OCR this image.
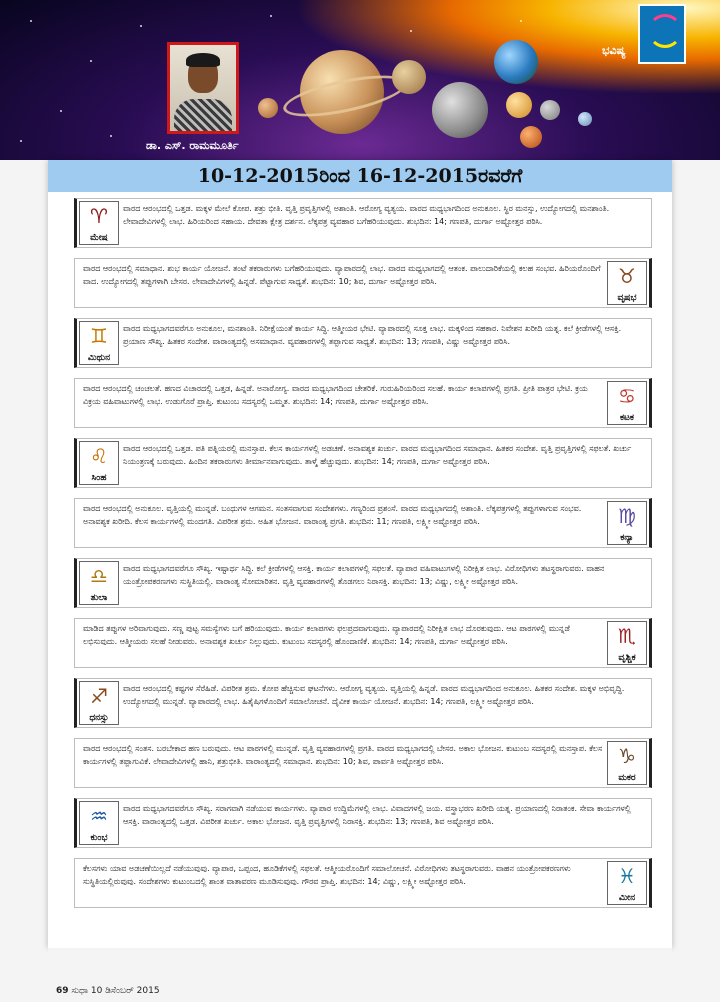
ಡಾ. ಎಸ್. ರಾಮಮೂರ್ತಿ
ಭವಿಷ್ಯ
10-12-2015ರಿಂದ 16-12-2015ರವರೆಗೆ
♈
ಮೇಷ
ವಾರದ ಆರಂಭದಲ್ಲಿ ಒತ್ತಡ. ಮಕ್ಕಳ ಮೇಲೆ ಕೋಪ. ಶತ್ರು ಭೀತಿ. ವೃತ್ತಿ ಪ್ರವೃತ್ತಿಗಳಲ್ಲಿ ಅಶಾಂತಿ. ಆರೋಗ್ಯ ವ್ಯತ್ಯಯ. ವಾರದ ಮಧ್ಯಭಾಗದಿಂದ ಅನುಕೂಲ. ಸ್ಥಿರ ಮನಸ್ಸು, ಉದ್ಯೋಗದಲ್ಲಿ ಮನಶಾಂತಿ. ಲೇವಾದೇವಿಗಳಲ್ಲಿ ಲಾಭ. ಹಿರಿಯರಿಂದ ಸಹಾಯ. ದೇವತಾ ಕ್ಷೇತ್ರ ದರ್ಶನ. ಲೆಕ್ಕಪತ್ರ ವ್ಯವಹಾರ ಬಗೆಹರಿಯುವುದು. ಶುಭದಿನ: 14; ಗಣಪತಿ, ದುರ್ಗಾ ಅಷ್ಟೋತ್ತರ ಪಠಿಸಿ.
♉
ವೃಷಭ
ವಾರದ ಆರಂಭದಲ್ಲಿ ಸಮಾಧಾನ. ಶುಭ ಕಾರ್ಯ ಯೋಜನೆ. ತಂಟೆ ತಕರಾರುಗಳು ಬಗೆಹರಿಯುವುದು. ವ್ಯಾಪಾರದಲ್ಲಿ ಲಾಭ. ವಾರದ ಮಧ್ಯಭಾಗದಲ್ಲಿ ಆತಂಕ. ಪಾಲುದಾರಿಕೆಯಲ್ಲಿ ಕಲಹ ಸಂಭವ. ಹಿರಿಯರೊಂದಿಗೆ ವಾದ. ಉದ್ಯೋಗದಲ್ಲಿ ತಪ್ಪುಗಳಾಗಿ ಬೇಸರ. ಲೇವಾದೇವಿಗಳಲ್ಲಿ ಹಿನ್ನಡೆ. ಪೆಟ್ಟಾಗುವ ಸಾಧ್ಯತೆ. ಶುಭದಿನ: 10; ಶಿವ, ದುರ್ಗಾ ಅಷ್ಟೋತ್ತರ ಪಠಿಸಿ.
♊
ಮಿಥುನ
ವಾರದ ಮಧ್ಯಭಾಗದವರೆಗೂ ಅನುಕೂಲ, ಮನಶಾಂತಿ. ನಿರೀಕ್ಷೆಯಂತೆ ಕಾರ್ಯ ಸಿದ್ಧಿ. ಆತ್ಮೀಯರ ಭೇಟಿ. ವ್ಯಾಪಾರದಲ್ಲಿ ಸೂಕ್ತ ಲಾಭ. ಮಕ್ಕಳಿಂದ ಸಹಕಾರ. ನಿವೇಶನ ಖರೀದಿ ಯತ್ನ. ಕಲೆ ಕ್ರೀಡೆಗಳಲ್ಲಿ ಆಸಕ್ತಿ. ಪ್ರಯಾಣ ಸೌಖ್ಯ. ಹಿತಕರ ಸಂದೇಶ. ವಾರಾಂತ್ಯದಲ್ಲಿ ಅಸಮಾಧಾನ. ವ್ಯವಹಾರಗಳಲ್ಲಿ ತಪ್ಪಾಗುವ ಸಾಧ್ಯತೆ. ಶುಭದಿನ: 13; ಗಣಪತಿ, ವಿಷ್ಣು ಅಷ್ಟೋತ್ತರ ಪಠಿಸಿ.
♋
ಕಟಕ
ವಾರದ ಆರಂಭದಲ್ಲಿ ಚಂಚಲತೆ. ಹಣದ ವಿಚಾರದಲ್ಲಿ ಒತ್ತಡ, ಹಿನ್ನಡೆ. ಅನಾರೋಗ್ಯ. ವಾರದ ಮಧ್ಯಭಾಗದಿಂದ ಚೇತರಿಕೆ. ಗುರುಹಿರಿಯರಿಂದ ಸಲಹೆ. ಕಾರ್ಯ ಕಲಾಪಗಳಲ್ಲಿ ಪ್ರಗತಿ. ಪ್ರೀತಿ ಪಾತ್ರರ ಭೇಟಿ. ಕ್ರಯ ವಿಕ್ರಯ ವಹಿವಾಟುಗಳಲ್ಲಿ ಲಾಭ. ಉಡುಗೊರೆ ಪ್ರಾಪ್ತಿ. ಕುಟುಂಬ ಸದಸ್ಯರಲ್ಲಿ ಒಮ್ಮತ. ಶುಭದಿನ: 14; ಗಣಪತಿ, ದುರ್ಗಾ ಅಷ್ಟೋತ್ತರ ಪಠಿಸಿ.
♌
ಸಿಂಹ
ವಾರದ ಆರಂಭದಲ್ಲಿ ಒತ್ತಡ. ಪತಿ ಪತ್ನಿಯರಲ್ಲಿ ಮನಸ್ತಾಪ. ಕೆಲಸ ಕಾರ್ಯಗಳಲ್ಲಿ ಅಡಚಣೆ. ಅನಾವಶ್ಯಕ ಖರ್ಚು. ವಾರದ ಮಧ್ಯಭಾಗದಿಂದ ಸಮಾಧಾನ. ಹಿತಕರ ಸಂದೇಶ. ವೃತ್ತಿ ಪ್ರವೃತ್ತಿಗಳಲ್ಲಿ ಸಫಲತೆ. ಖರ್ಚು ನಿಯಂತ್ರಣಕ್ಕೆ ಬರುವುದು. ಹಿಂದಿನ ತಕರಾರುಗಳು ತೀರ್ಮಾನವಾಗುವುದು. ತಾಳ್ಮೆ ಹೆಚ್ಚುವುದು. ಶುಭದಿನ: 14; ಗಣಪತಿ, ದುರ್ಗಾ ಅಷ್ಟೋತ್ತರ ಪಠಿಸಿ.
♍
ಕನ್ಯಾ
ವಾರದ ಆರಂಭದಲ್ಲಿ ಅನುಕೂಲ. ವೃತ್ತಿಯಲ್ಲಿ ಮುನ್ನಡೆ. ಬಂಧುಗಳ ಆಗಮನ. ಸಂತಸವಾಗುವ ಸಂದೇಶಗಳು. ಗಣ್ಯರಿಂದ ಪ್ರಶಂಸೆ. ವಾರದ ಮಧ್ಯಭಾಗದಲ್ಲಿ ಅಶಾಂತಿ. ಲೆಕ್ಕಪತ್ರಗಳಲ್ಲಿ ತಪ್ಪುಗಳಾಗುವ ಸಂಭವ. ಅನಾವಶ್ಯಕ ಖರೀದಿ. ಕೆಲಸ ಕಾರ್ಯಗಳಲ್ಲಿ ಮಂದಗತಿ. ವಿಪರೀತ ಶ್ರಮ. ಅಹಿತ ಭೋಜನ. ವಾರಾಂತ್ಯ ಪ್ರಗತಿ. ಶುಭದಿನ: 11; ಗಣಪತಿ, ಲಕ್ಷ್ಮೀ ಅಷ್ಟೋತ್ತರ ಪಠಿಸಿ.
♎
ತುಲಾ
ವಾರದ ಮಧ್ಯಭಾಗದವರೆಗೂ ಸೌಖ್ಯ. ಇಷ್ಟಾರ್ಥ ಸಿದ್ಧಿ. ಕಲೆ ಕ್ರೀಡೆಗಳಲ್ಲಿ ಆಸಕ್ತಿ. ಕಾರ್ಯ ಕಲಾಪಗಳಲ್ಲಿ ಸಫಲತೆ. ವ್ಯಾಪಾರ ವಹಿವಾಟುಗಳಲ್ಲಿ ನಿರೀಕ್ಷಿತ ಲಾಭ. ವಿರೋಧಿಗಳು ತಟಸ್ಥರಾಗುವರು. ವಾಹನ ಯಂತ್ರೋಪಕರಣಗಳು ಸುಸ್ಥಿತಿಯಲ್ಲಿ. ವಾರಾಂತ್ಯ ಸೋಮಾರಿತನ. ವೃತ್ತಿ ವ್ಯವಹಾರಗಳಲ್ಲಿ ತೊಡಗಲು ನಿರಾಸಕ್ತಿ. ಶುಭದಿನ: 13; ವಿಷ್ಣು, ಲಕ್ಷ್ಮೀ ಅಷ್ಟೋತ್ತರ ಪಠಿಸಿ.
♏
ವೃಶ್ಚಿಕ
ಮಾಡಿದ ತಪ್ಪುಗಳ ಅರಿವಾಗುವುದು. ಸಣ್ಣ ಪುಟ್ಟ ಸಮಸ್ಯೆಗಳು ಬಗೆ ಹರಿಯುವುದು. ಕಾರ್ಯ ಕಲಾಪಗಳು ಫಲಪ್ರದವಾಗುವುದು. ವ್ಯಾಪಾರದಲ್ಲಿ ನಿರೀಕ್ಷಿತ ಲಾಭ ದೊರಕುವುದು. ಆಟ ಪಾಠಗಳಲ್ಲಿ ಮುನ್ನಡೆ ಲಭಿಸುವುದು. ಆತ್ಮೀಯರು ಸಲಹೆ ನೀಡುವರು. ಅನಾವಶ್ಯಕ ಖರ್ಚು ನಿಲ್ಲುವುದು. ಕುಟುಂಬ ಸದಸ್ಯರಲ್ಲಿ ಹೊಂದಾಣಿಕೆ. ಶುಭದಿನ: 14; ಗಣಪತಿ, ದುರ್ಗಾ ಅಷ್ಟೋತ್ತರ ಪಠಿಸಿ.
♐
ಧನಸ್ಸು
ವಾರದ ಆರಂಭದಲ್ಲಿ ಕಷ್ಟಗಳ ಸೆರೆಹಿಡೆ. ವಿಪರೀತ ಶ್ರಮ. ಕೋಪ ಹೆಚ್ಚಿಸುವ ಘಟನೆಗಳು. ಆರೋಗ್ಯ ವ್ಯತ್ಯಯ. ವೃತ್ತಿಯಲ್ಲಿ ಹಿನ್ನಡೆ. ವಾರದ ಮಧ್ಯಭಾಗದಿಂದ ಅನುಕೂಲ. ಹಿತಕರ ಸಂದೇಶ. ಮಕ್ಕಳ ಅಭಿವೃದ್ಧಿ. ಉದ್ಯೋಗದಲ್ಲಿ ಮುನ್ನಡೆ. ವ್ಯಾಪಾರದಲ್ಲಿ ಲಾಭ. ಹಿತೈಷಿಗಳೊಂದಿಗೆ ಸಮಾಲೋಚನೆ. ದೈವೀಕ ಕಾರ್ಯ ಯೋಜನೆ. ಶುಭದಿನ: 14; ಗಣಪತಿ, ಲಕ್ಷ್ಮೀ ಅಷ್ಟೋತ್ತರ ಪಠಿಸಿ.
♑
ಮಕರ
ವಾರದ ಆರಂಭದಲ್ಲಿ ಸಂತಸ. ಬರಬೇಕಾದ ಹಣ ಬರುವುದು. ಆಟ ಪಾಠಗಳಲ್ಲಿ ಮುನ್ನಡೆ. ವೃತ್ತಿ ವ್ಯವಹಾರಗಳಲ್ಲಿ ಪ್ರಗತಿ. ವಾರದ ಮಧ್ಯಭಾಗದಲ್ಲಿ ಬೇಸರ. ಅಕಾಲ ಭೋಜನ. ಕುಟುಂಬ ಸದಸ್ಯರಲ್ಲಿ ಮನಸ್ತಾಪ. ಕೆಲಸ ಕಾರ್ಯಗಳಲ್ಲಿ ತಪ್ಪಾಗುವಿಕೆ. ಲೇವಾದೇವಿಗಳಲ್ಲಿ ಹಾನಿ, ಶತ್ರುಭೀತಿ. ವಾರಾಂತ್ಯದಲ್ಲಿ ಸಮಾಧಾನ. ಶುಭದಿನ: 10; ಶಿವ, ಪಾರ್ವತಿ ಅಷ್ಟೋತ್ತರ ಪಠಿಸಿ.
♒
ಕುಂಭ
ವಾರದ ಮಧ್ಯಭಾಗದವರೆಗೂ ಸೌಖ್ಯ. ಸರಾಗವಾಗಿ ನಡೆಯುವ ಕಾರ್ಯಗಳು. ವ್ಯಾಪಾರ ಉದ್ದಿಮೆಗಳಲ್ಲಿ ಲಾಭ. ವಿವಾದಗಳಲ್ಲಿ ಜಯ. ವಸ್ತ್ರಾಭರಣ ಖರೀದಿ ಯತ್ನ. ಪ್ರಯಾಣದಲ್ಲಿ ನಿರಾತಂಕ. ಸೇವಾ ಕಾರ್ಯಗಳಲ್ಲಿ ಆಸಕ್ತಿ. ವಾರಾಂತ್ಯದಲ್ಲಿ ಒತ್ತಡ. ವಿಪರೀತ ಖರ್ಚು. ಅಕಾಲ ಭೋಜನ. ವೃತ್ತಿ ಪ್ರವೃತ್ತಿಗಳಲ್ಲಿ ನಿರಾಸಕ್ತಿ. ಶುಭದಿನ: 13; ಗಣಪತಿ, ಶಿವ ಅಷ್ಟೋತ್ತರ ಪಠಿಸಿ.
♓
ಮೀನ
ಕೆಲಸಗಳು ಯಾವ ಅಡಚಣೆಯಿಲ್ಲದೆ ನಡೆಯುವುವು. ವ್ಯಾಪಾರ, ಒಪ್ಪಂದ, ಹೂಡಿಕೆಗಳಲ್ಲಿ ಸಫಲತೆ. ಆತ್ಮೀಯರೊಂದಿಗೆ ಸಮಾಲೋಚನೆ. ವಿರೋಧಿಗಳು ತಟಸ್ಥರಾಗುವರು. ವಾಹನ ಯಂತ್ರೋಪಕರಣಗಳು ಸುಸ್ಥಿತಿಯಲ್ಲಿರುವುವು. ಸಂದೇಶಗಳು ಕುಟುಂಬದಲ್ಲಿ ಶಾಂತ ವಾತಾವರಣ ಮೂಡಿಸುವುವು. ಗೌರವ ಪ್ರಾಪ್ತಿ. ಶುಭದಿನ: 14; ವಿಷ್ಣು, ಲಕ್ಷ್ಮೀ ಅಷ್ಟೋತ್ತರ ಪಠಿಸಿ.
69 ಸುಧಾ 10 ಡಿಸೆಂಬರ್ 2015
